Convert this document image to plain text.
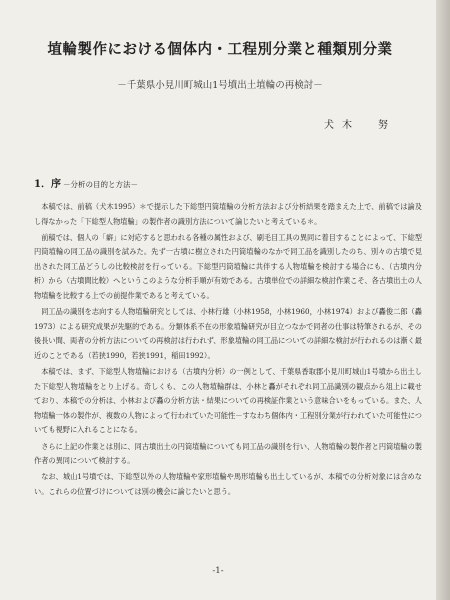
埴輪製作における個体内・工程別分業と種類別分業
－千葉県小見川町城山1号墳出土埴輪の再検討－
犬木　努
1．序 －分析の目的と方法－

本稿では、前稿（犬木1995）＊で提示した下総型円筒埴輪の分析方法および分析結果を踏まえた上で、前稿では論及し得なかった「下総型人物埴輪」の製作者の識別方法について論じたいと考えている＊。

前稿では、個人の「癖」に対応すると思われる各種の属性および、刷毛目工具の異同に着目することによって、下総型円筒埴輪の同工品の識別を試みた。先ず一古墳に樹立された円筒埴輪のなかで同工品を識別したのち、別々の古墳で見出された同工品どうしの比較検討を行っている。下総型円筒埴輪に共伴する人物埴輪を検討する場合にも、（古墳内分析）から（古墳間比較）へというこのような分析手順が有効である。古墳単位での詳細な検討作業こそ、各古墳出土の人物埴輪を比較する上での前提作業であると考えている。

同工品の識別を志向する人物埴輪研究としては、小林行雄（小林1958，小林1960，小林1974）および轟俊二郎（轟1973）による研究成果が先駆的である。分類体系不在の形象埴輪研究が目立つなかで同者の仕事は特筆されるが、その後長い間、両者の分析方法についての再検討は行われず、形象埴輪の同工品についての詳細な検討が行われるのは漸く最近のことである（若狭1990，若狭1991，稲田1992）。

本稿では、まず、下総型人物埴輪における（古墳内分析）の一例として、千葉県香取郡小見川町城山1号墳から出土した下総型人物埴輪をとり上げる。奇しくも、この人物埴輪群は、小林と轟がそれぞれ同工品識別の観点から俎上に載せており、本稿での分析は、小林および轟の分析方法・結果についての再検証作業という意味合いをもっている。また、人物埴輪一体の製作が、複数の人物によって行われていた可能性－すなわち個体内・工程別分業が行われていた可能性についても視野に入れることになる。

さらに上記の作業とは別に、同古墳出土の円筒埴輪についても同工品の識別を行い、人物埴輪の製作者と円筒埴輪の製作者の異同について検討する。

なお、城山1号墳では、下総型以外の人物埴輪や家形埴輪や馬形埴輪も出土しているが、本稿での分析対象には含めない。これらの位置づけについては別の機会に論じたいと思う。

-1-
